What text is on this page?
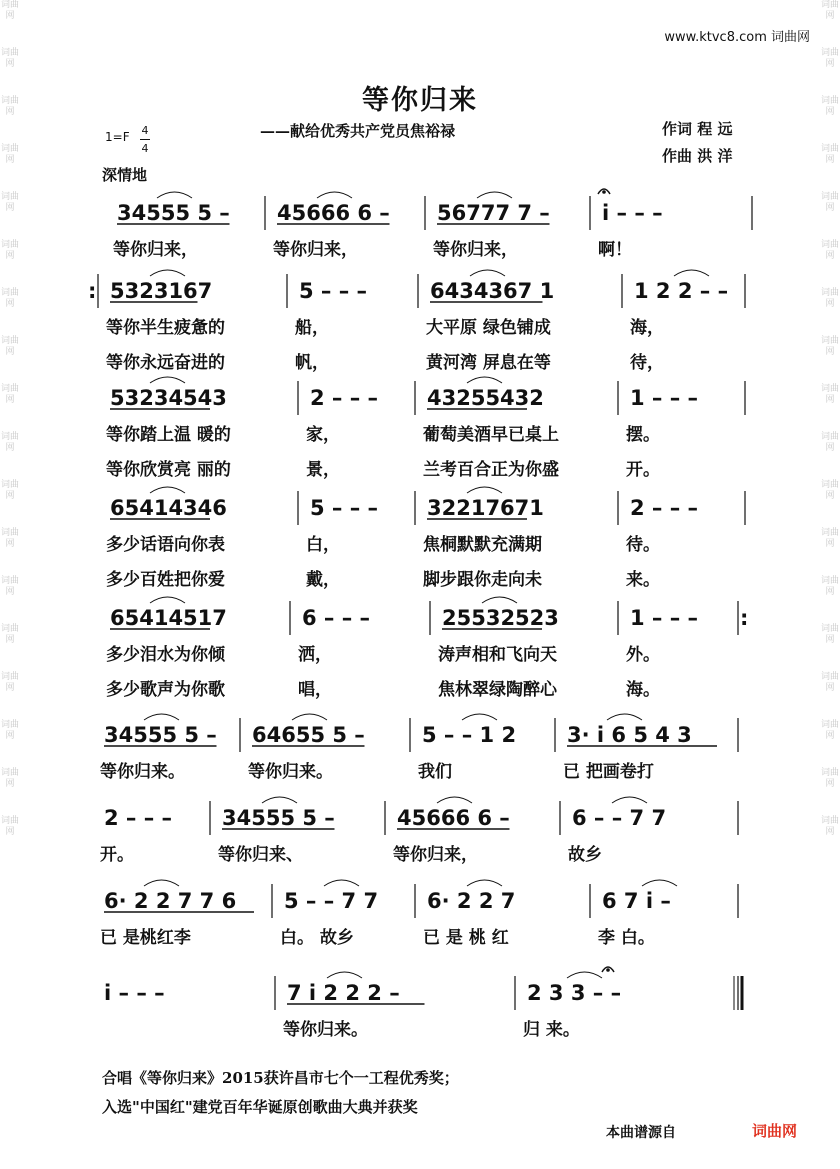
词曲网
词曲网
词曲网
词曲网
词曲网
词曲网
词曲网
词曲网
词曲网
词曲网
词曲网
词曲网
词曲网
词曲网
词曲网
词曲网
词曲网
词曲网
词曲网
词曲网
词曲网
词曲网
词曲网
词曲网
词曲网
词曲网
词曲网
词曲网
词曲网
词曲网
词曲网
词曲网
词曲网
词曲网
词曲网
词曲网
www.ktvc8.com 词曲网
等你归来
——献给优秀共产党员焦裕禄
1=F 4
4
作词 程 远
作曲 洪 洋
深情地
34555 5 –
等你归来，
45666 6 –
等你归来，
56777 7 –
等你归来，
i – – –
啊！
5323167
等你半生疲惫的
等你永远奋进的
5 – – –
船，
帆，
6434367 1
大平原 绿色铺成
黄河湾 屏息在等
1 2 2 – –
海，
待，
53234543
等你踏上温 暖的
等你欣赏亮 丽的
2 – – –
家，
景，
43255432
葡萄美酒早已桌上
兰考百合正为你盛
1 – – –
摆。
开。
65414346
多少话语向你表
多少百姓把你爱
5 – – –
白，
戴，
32217671
焦桐默默充满期
脚步跟你走向未
2 – – –
待。
来。
65414517
多少泪水为你倾
多少歌声为你歌
6 – – –
洒，
唱，
25532523
涛声相和飞向天
焦林翠绿陶醉心
1 – – –
外。
海。
34555 5 –
等你归来。
64655 5 –
等你归来。
5 – – 1 2
我们
3· i 6 5 4 3
已 把画卷打
2 – – –
开。
34555 5 –
等你归来、
45666 6 –
等你归来，
6 – – 7 7
故乡
6· 2 2 7 7 6
已 是桃红李
5 – – 7 7
白。 故乡
6· 2 2 7
已 是 桃 红
6 7 i –
李 白。
i – – –	7 i 2 2 2 –
等你归来。
2 3 3 – –
归 来。
:
:
合唱《等你归来》2015获许昌市七个一工程优秀奖；
入选"中国红"建党百年华诞原创歌曲大典并获奖
本曲谱源自	词曲网
